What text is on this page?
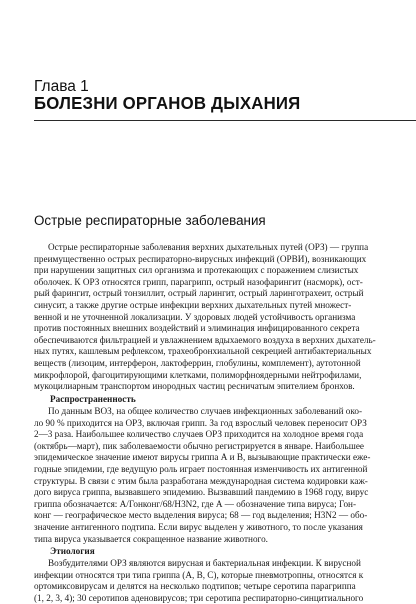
Глава 1
БОЛЕЗНИ ОРГАНОВ ДЫХАНИЯ
Острые респираторные заболевания
Острые респираторные заболевания верхних дыхательных путей (ОРЗ) — группа
преимущественно острых респираторно-вирусных инфекций (ОРВИ), возникающих
при нарушении защитных сил организма и протекающих с поражением слизистых
оболочек. К ОРЗ относятся грипп, парагрипп, острый назофарингит (насморк), ост-
рый фарингит, острый тонзиллит, острый ларингит, острый ларинготрахеит, острый
синусит, а также другие острые инфекции верхних дыхательных путей множест-
венной и не уточненной локализации. У здоровых людей устойчивость организма
против постоянных внешних воздействий и элиминация инфицированного секрета
обеспечиваются фильтрацией и увлажнением вдыхаемого воздуха в верхних дыхатель-
ных путях, кашлевым рефлексом, трахеобронхиальной секрецией антибактериальных
веществ (лизоцим, интерферон, лактоферрин, глобулины, комплемент), аутотонной
микрофлорой, фагоцитирующими клетками, полиморфноядерными нейтрофилами,
мукоцилиарным транспортом инородных частиц ресничатым эпителием бронхов.
Распространенность
По данным ВОЗ, на общее количество случаев инфекционных заболеваний око-
ло 90 % приходится на ОРЗ, включая грипп. За год взрослый человек переносит ОРЗ
2—3 раза. Наибольшее количество случаев ОРЗ приходится на холодное время года
(октябрь—март), пик заболеваемости обычно регистрируется в январе. Наибольшее
эпидемическое значение имеют вирусы гриппа А и В, вызывающие практически еже-
годные эпидемии, где ведущую роль играет постоянная изменчивость их антигенной
структуры. В связи с этим была разработана международная система кодировки каж-
дого вируса гриппа, вызвавшего эпидемию. Вызвавший пандемию в 1968 году, вирус
гриппа обозначается: А/Гонконг/68/H3N2, где А — обозначение типа вируса; Гон-
конг — географическое место выделения вируса; 68 — год выделения; H3N2 — обо-
значение антигенного подтипа. Если вирус выделен у животного, то после указания
типа вируса указывается сокращенное название животного.
Этиология
Возбудителями ОРЗ являются вирусная и бактериальная инфекции. К вирусной
инфекции относятся три типа гриппа (А, В, С), которые пневмотропны, относятся к
ортомиксовирусам и делятся на несколько подтипов; четыре серотипа парагриппа
(1, 2, 3, 4); 30 серотипов аденовирусов; три серотипа респираторно-синцитиального
